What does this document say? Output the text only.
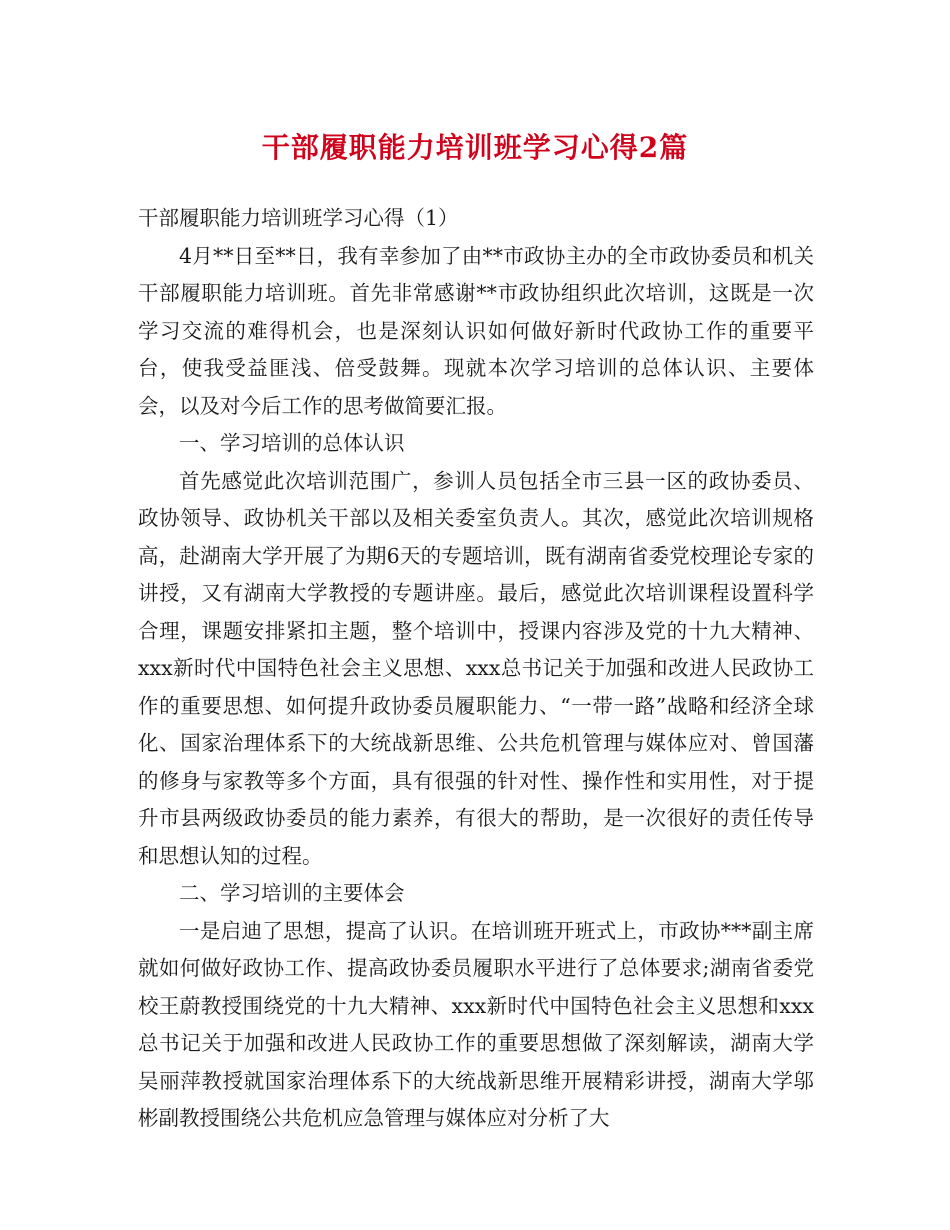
干部履职能力培训班学习心得2篇

干部履职能力培训班学习心得（1）

4月**日至**日，我有幸参加了由**市政协主办的全市政协委员和机关干部履职能力培训班。首先非常感谢**市政协组织此次培训，这既是一次学习交流的难得机会，也是深刻认识如何做好新时代政协工作的重要平台，使我受益匪浅、倍受鼓舞。现就本次学习培训的总体认识、主要体会，以及对今后工作的思考做简要汇报。

一、学习培训的总体认识

首先感觉此次培训范围广，参训人员包括全市三县一区的政协委员、政协领导、政协机关干部以及相关委室负责人。其次，感觉此次培训规格高，赴湖南大学开展了为期6天的专题培训，既有湖南省委党校理论专家的讲授，又有湖南大学教授的专题讲座。最后，感觉此次培训课程设置科学合理，课题安排紧扣主题，整个培训中，授课内容涉及党的十九大精神、xxx新时代中国特色社会主义思想、xxx总书记关于加强和改进人民政协工作的重要思想、如何提升政协委员履职能力、“一带一路”战略和经济全球化、国家治理体系下的大统战新思维、公共危机管理与媒体应对、曾国藩的修身与家教等多个方面，具有很强的针对性、操作性和实用性，对于提升市县两级政协委员的能力素养，有很大的帮助，是一次很好的责任传导和思想认知的过程。

二、学习培训的主要体会

一是启迪了思想，提高了认识。在培训班开班式上，市政协***副主席就如何做好政协工作、提高政协委员履职水平进行了总体要求;湖南省委党校王蔚教授围绕党的十九大精神、xxx新时代中国特色社会主义思想和xxx总书记关于加强和改进人民政协工作的重要思想做了深刻解读，湖南大学吴丽萍教授就国家治理体系下的大统战新思维开展精彩讲授，湖南大学邬彬副教授围绕公共危机应急管理与媒体应对分析了大
